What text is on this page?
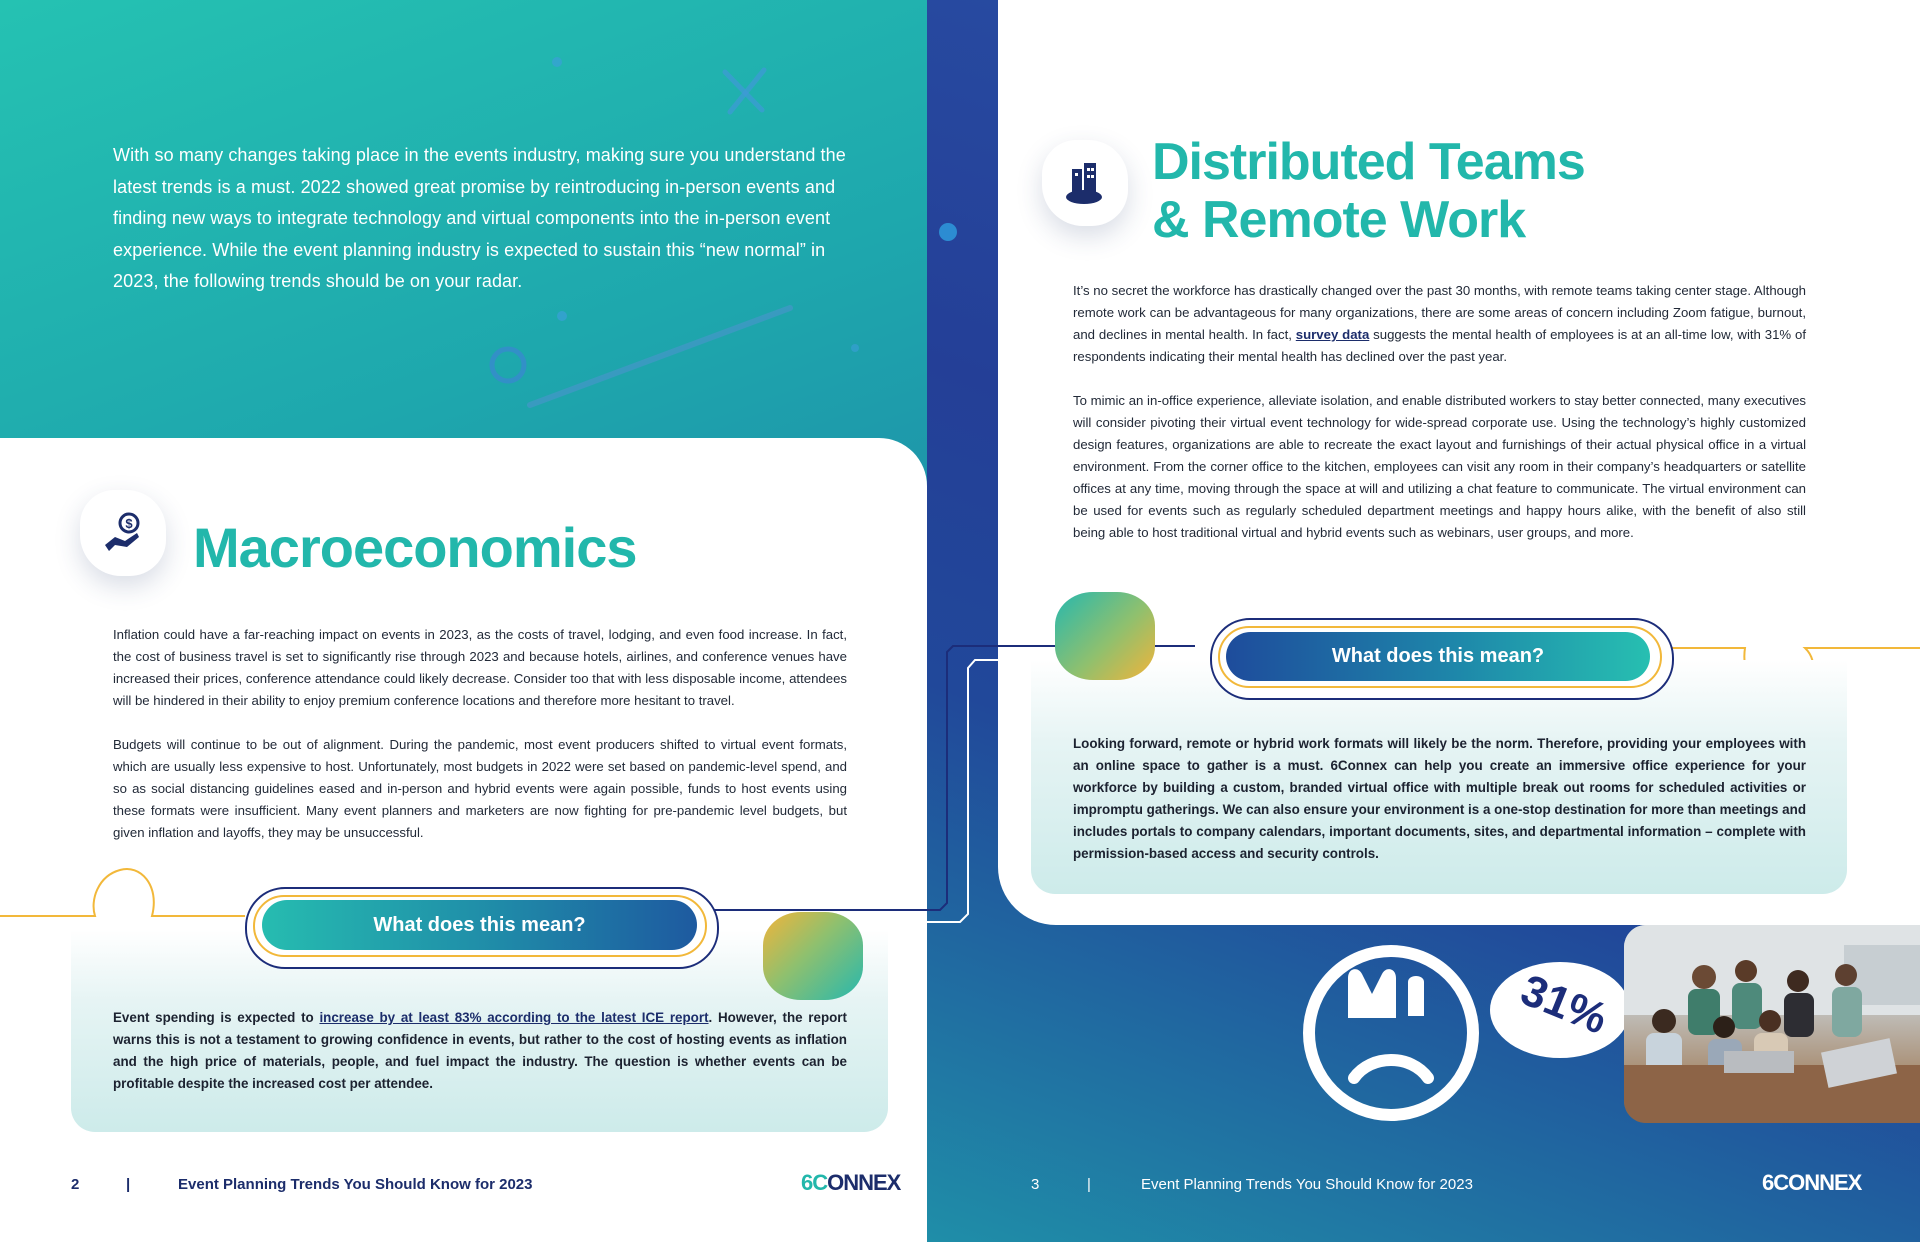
With so many changes taking place in the events industry, making sure you understand the latest trends is a must. 2022 showed great promise by reintroducing in-person events and finding new ways to integrate technology and virtual components into the in-person event experience. While the event planning industry is expected to sustain this “new normal” in 2023, the following trends should be on your radar.
$ Macroeconomics

Inflation could have a far-reaching impact on events in 2023, as the costs of travel, lodging, and even food increase. In fact, the cost of business travel is set to significantly rise through 2023 and because hotels, airlines, and conference venues have increased their prices, conference attendance could likely decrease. Consider too that with less disposable income, attendees will be hindered in their ability to enjoy premium conference locations and therefore more hesitant to travel.

Budgets will continue to be out of alignment. During the pandemic, most event producers shifted to virtual event formats, which are usually less expensive to host. Unfortunately, most budgets in 2022 were set based on pandemic-level spend, and so as social distancing guidelines eased and in-person and hybrid events were again possible, funds to host events using these formats were insufficient. Many event planners and marketers are now fighting for pre-pandemic level budgets, but given inflation and layoffs, they may be unsuccessful.

What does this mean?
Event spending is expected to increase by at least 83% according to the latest ICE report. However, the report warns this is not a testament to growing confidence in events, but rather to the cost of hosting events as inflation and the high price of materials, people, and fuel impact the industry. The question is whether events can be profitable despite the increased cost per attendee.
2	|	Event Planning Trends You Should Know for 2023	6CONNEX
Distributed Teams
& Remote Work

It’s no secret the workforce has drastically changed over the past 30 months, with remote teams taking center stage. Although remote work can be advantageous for many organizations, there are some areas of concern including Zoom fatigue, burnout, and declines in mental health. In fact, survey data suggests the mental health of employees is at an all-time low, with 31% of respondents indicating their mental health has declined over the past year.

To mimic an in-office experience, alleviate isolation, and enable distributed workers to stay better connected, many executives will consider pivoting their virtual event technology for wide-spread corporate use. Using the technology’s highly customized design features, organizations are able to recreate the exact layout and furnishings of their actual physical office in a virtual environment. From the corner office to the kitchen, employees can visit any room in their company’s headquarters or satellite offices at any time, moving through the space at will and utilizing a chat feature to communicate. The virtual environment can be used for events such as regularly scheduled department meetings and happy hours alike, with the benefit of also still being able to host traditional virtual and hybrid events such as webinars, user groups, and more.

What does this mean?
Looking forward, remote or hybrid work formats will likely be the norm. Therefore, providing your employees with an online space to gather is a must. 6Connex can help you create an immersive office experience for your workforce by building a custom, branded virtual office with multiple break out rooms for scheduled activities or impromptu gatherings. We can also ensure your environment is a one-stop destination for more than meetings and includes portals to company calendars, important documents, sites, and departmental information – complete with permission-based access and security controls.
31%
3	|	Event Planning Trends You Should Know for 2023	6CONNEX
